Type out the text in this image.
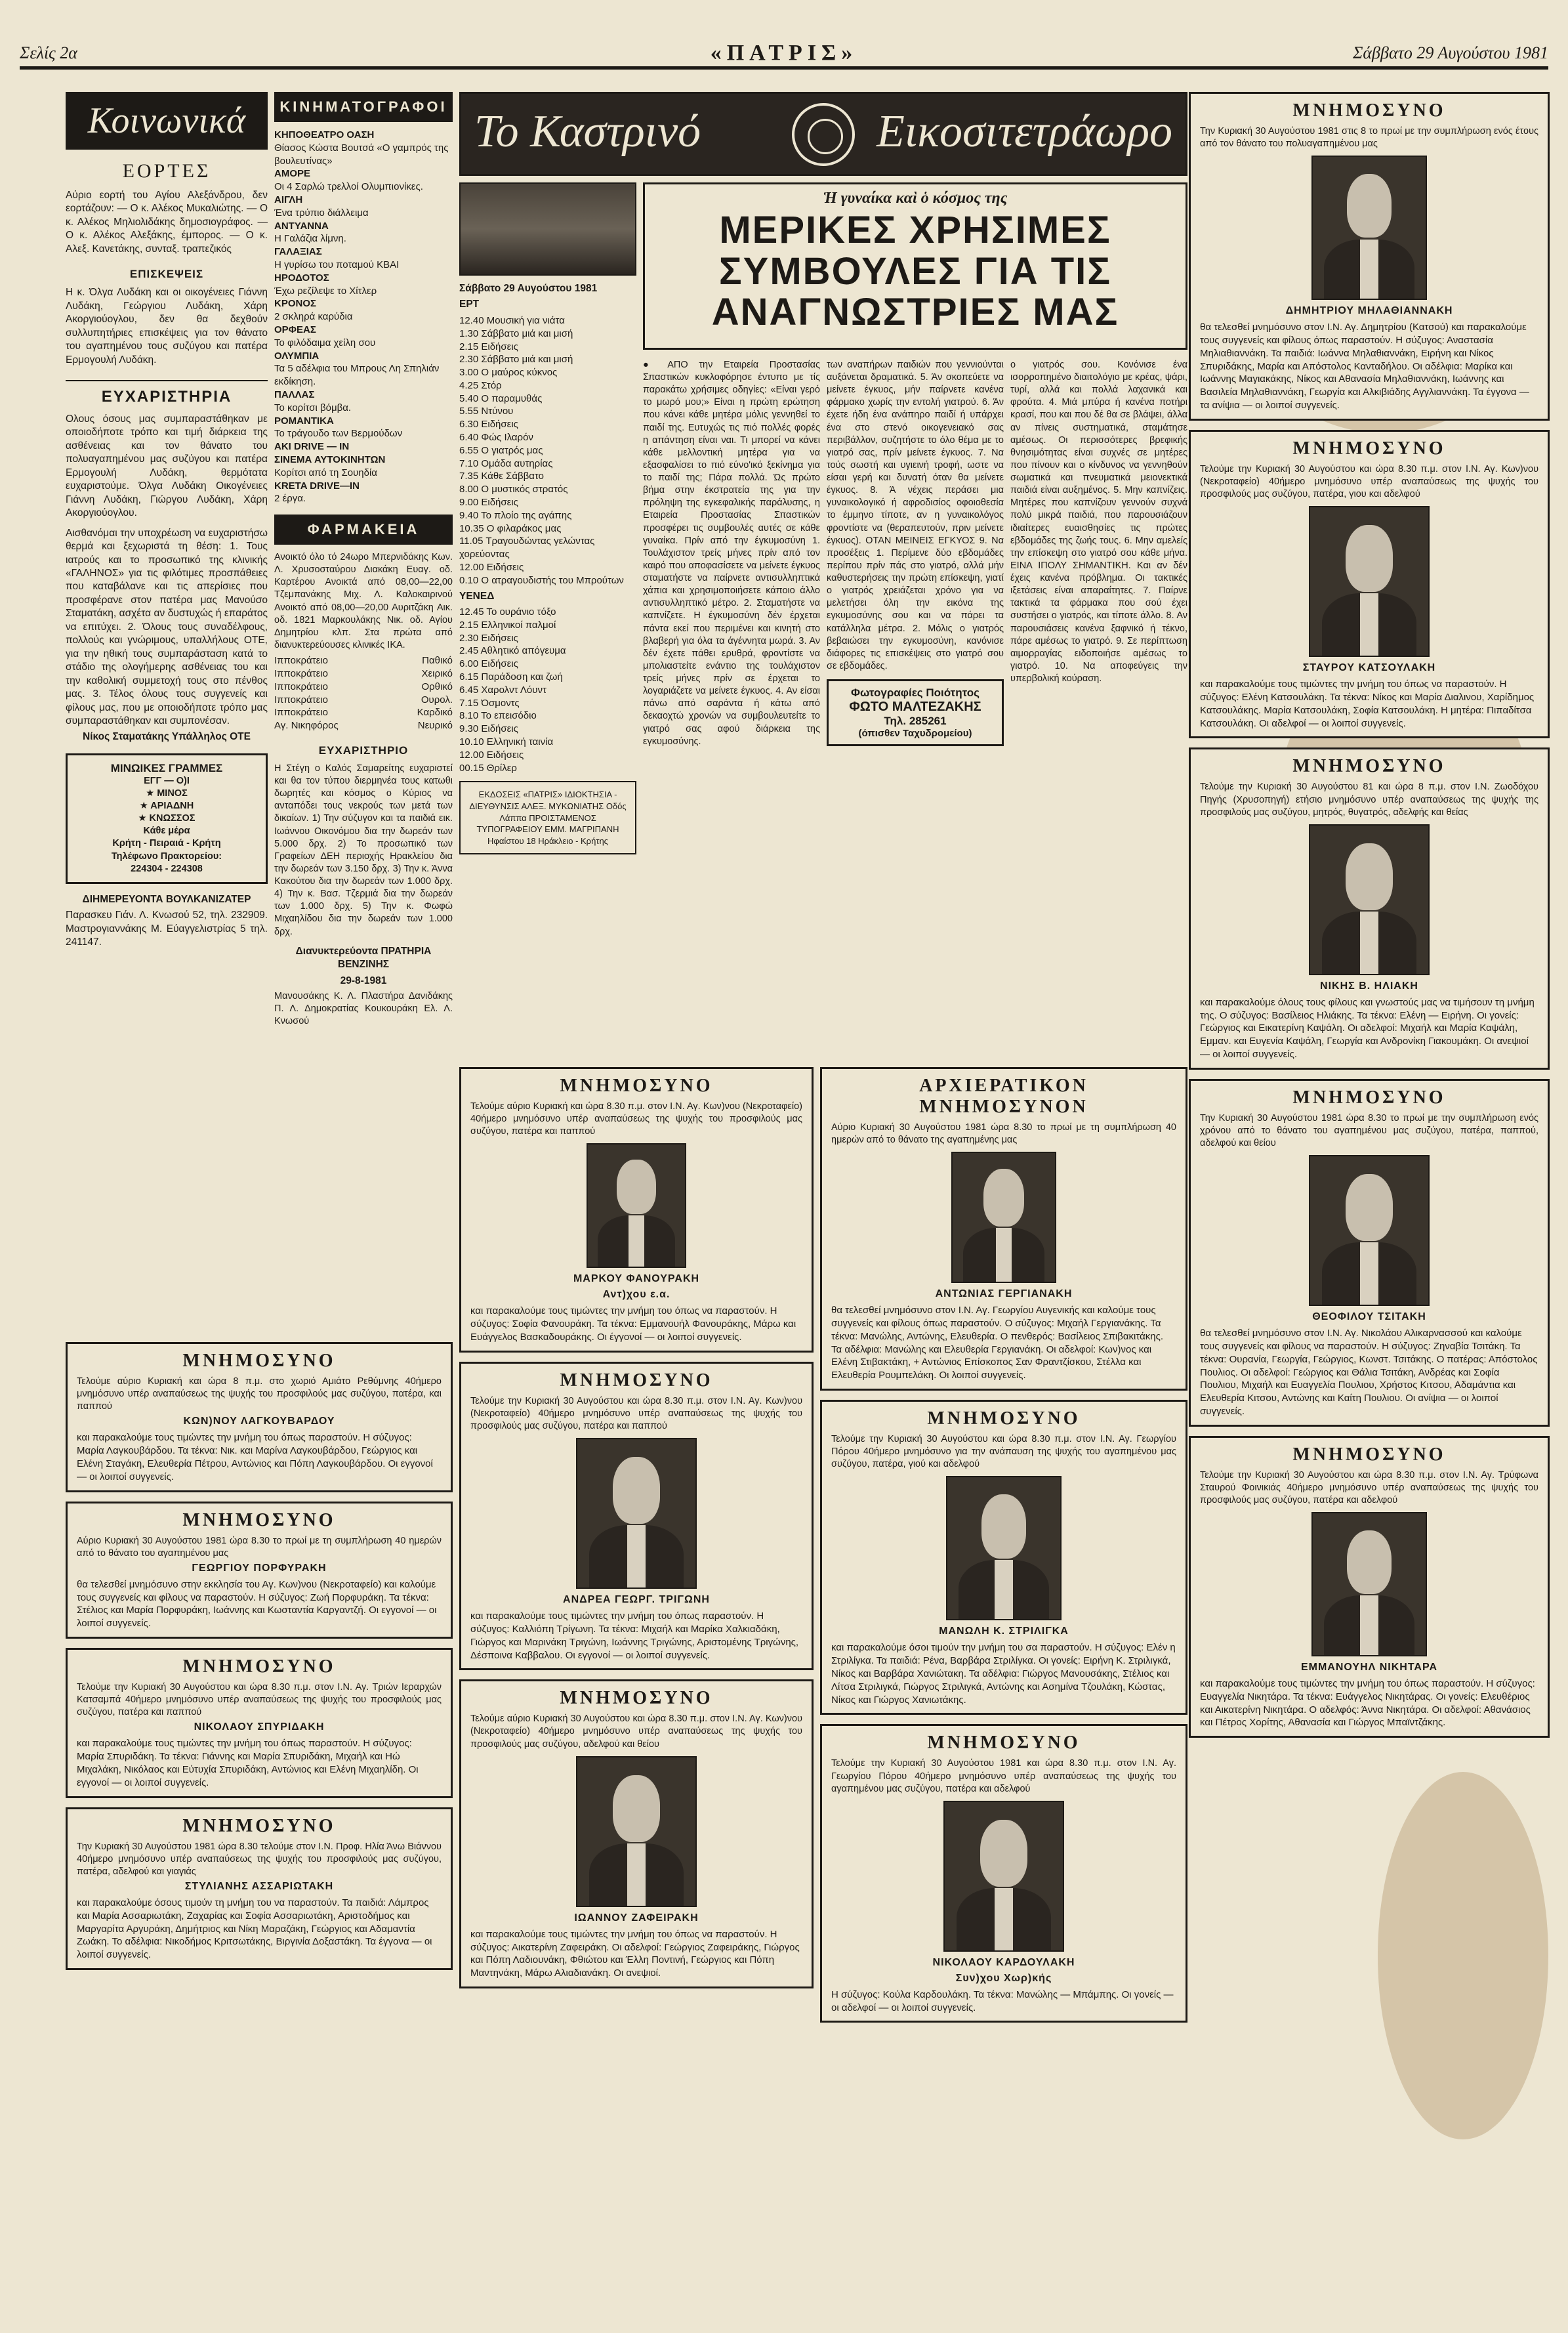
Σελίς 2α	«ΠΑΤΡΙΣ»	Σάββατο 29 Αυγούστου 1981
Κοινωνικά
ΕΟΡΤΕΣ
Αύριο εορτή του Αγίου Αλεξάνδρου, δεν εορτάζουν: — Ο κ. Αλέκος Μυκαλιώτης. — Ο κ. Αλέκος Μηλιολιδάκης δημοσιογράφος. — Ο κ. Αλέκος Αλεξάκης, έμπορος. — Ο κ. Αλεξ. Κανετάκης, συνταξ. τραπεζικός
ΕΠΙΣΚΕΨΕΙΣ
Η κ. Όλγα Λυδάκη και οι οικογένειες Γιάννη Λυδάκη, Γεώργιου Λυδάκη, Χάρη Ακοργιούογλου, δεν θα δεχθούν συλλυπητήριες επισκέψεις για τον θάνατο του αγαπημένου τους συζύγου και πατέρα Ερμογουλή Λυδάκη.
ΕΥΧΑΡΙΣΤΗΡΙΑ
Ολους όσους μας συμπαραστάθηκαν με οποιοδήποτε τρόπο και τιμή διάρκεια της ασθένειας και τον θάνατο του πολυαγαπημένου μας συζύγου και πατέρα Ερμογουλή Λυδάκη, θερμότατα ευχαριστούμε. Όλγα Λυδάκη Οικογένειες Γιάννη Λυδάκη, Γιώργου Λυδάκη, Χάρη Ακοργιούογλου.
Αισθανόμαι την υποχρέωση να ευχαριστήσω θερμά και ξεχωριστά τη θέση: 1. Τους ιατρούς και το προσωπικό της κλινικής «ΓΑΛΗΝΟΣ» για τις φιλότιμες προσπάθειες που καταβάλανε και τις απερίσιες που προσφέρανε στον πατέρα μας Μανούσο Σταματάκη, ασχέτα αν δυστυχώς ή επαράτος να επιτύχει. 2. Όλους τους συναδέλφους, πολλούς και γνώριμους, υπαλλήλους ΟΤΕ, για την ηθική τους συμπαράσταση κατά το στάδιο της ολογήμερης ασθένειας του και την καθολική συμμετοχή τους στο πένθος μας. 3. Τέλος όλους τους συγγενείς και φίλους μας, που με οποιοδήποτε τρόπο μας συμπαραστάθηκαν και συμπονέσαν.
Νίκος Σταματάκης Υπάλληλος ΟΤΕ
ΜΙΝΩΙΚΕΣ ΓΡΑΜΜΕΣ
ΕΓΓ — Ο)Ι
★ ΜΙΝΟΣ
★ ΑΡΙΑΔΝΗ
★ ΚΝΩΣΣΟΣ
Κάθε μέρα
Κρήτη - Πειραιά - Κρήτη
Τηλέφωνο Πρακτορείου:
224304 - 224308
ΔΙΗΜΕΡΕΥΟΝΤΑ ΒΟΥΛΚΑΝΙΖΑΤΕΡ
Παρασκευ Γιάν. Λ. Κνωσού 52, τηλ. 232909. Μαστρογιαννάκης Μ. Εύαγγελιστρίας 5 τηλ. 241147.
ΚΙΝΗΜΑΤΟΓΡΑΦΟΙ
ΚΗΠΟΘΕΑΤΡΟ ΟΑΣΗ
Θίασος Κώστα Βουτσά «Ο γαμπρός της βουλευτίνας»
ΑΜΟΡΕ
Οι 4 Σαρλώ τρελλοί Ολυμπιονίκες.
ΑΙΓΛΗ
Ένα τρύπιο διάλλειμα
ΑΝΤΥΑΝΝΑ
Η Γαλάζια λίμνη.
ΓΑΛΑΞΙΑΣ
Η γυρίσω του ποταμού ΚΒΑΙ
ΗΡΟΔΟΤΟΣ
Έχω ρεζίλεψε το Χίτλερ
ΚΡΟΝΟΣ
2 σκληρά καρύδια
ΟΡΦΕΑΣ
Το φιλόδαιμα χείλη σου
ΟΛΥΜΠΙΑ
Τα 5 αδέλφια του Μπρους Λη Σπηλιάν εκδίκηση.
ΠΑΛΛΑΣ
Το κορίτσι βόμβα.
ΡΟΜΑΝΤΙΚΑ
Το τράγουδο των Βερμούδων
ΑΚΙ DRIVE — IN
ΣΙΝΕΜΑ ΑΥΤΟΚΙΝΗΤΩΝ
Κορίτσι από τη Σουηδία
KRETA DRIVE—IN
2 έργα.
ΦΑΡΜΑΚΕΙΑ
Ανοικτό όλο τό 24ωρο Μπερνιδάκης Κων. Λ. Χρυσοσταύρου Διακάκη Ευαγ. οδ. Καρτέρου Ανοικτά από 08,00—22,00 Τζεμπανάκης Μιχ. Λ. Καλοκαιρινού Ανοικτό από 08,00—20,00 Αυριτζάκη Αικ. οδ. 1821 Μαρκουλάκης Νικ. οδ. Αγίου Δημητρίου κλπ. Στα πρώτα από διανυκτερεύουσες κλινικές ΙΚΑ.
Ιπποκράτειο	Παθικό
Ιπποκράτειο	Χειρικό
Ιπποκράτειο	Ορθικό
Ιπποκράτειο	Ουρολ.
Ιπποκράτειο	Καρδικό
Αγ. Νικηφόρος	Νευρικό
ΕΥΧΑΡΙΣΤΗΡΙΟ
Η Στέγη ο Καλός Σαμαρείτης ευχαριστεί και θα τον τύπου διερμηνέα τους κατωθι δωρητές και κόσμος ο Κύριος να ανταπόδει τους νεκρούς των μετά των δικαίων. 1) Την σύζυγον και τα παιδιά εικ. Ιωάννου Οικονόμου δια την δωρεάν των 5.000 δρχ. 2) Το προσωπικό των Γραφείων ΔΕΗ περιοχής Ηρακλείου δια την δωρεάν των 3.150 δρχ. 3) Την κ. Άννα Κακούτου δια την δωρεάν των 1.000 δρχ. 4) Την κ. Βασ. Τζερμιά δια την δωρεάν των 1.000 δρχ. 5) Την κ. Φωφώ Μιχαηλίδου δια την δωρεάν των 1.000 δρχ.
Διανυκτερεύοντα ΠΡΑΤΗΡΙΑ ΒΕΝΖΙΝΗΣ
29-8-1981
Μανουσάκης Κ. Λ. Πλαστήρα Δανιδάκης Π. Λ. Δημοκρατίας Κουκουράκη Ελ. Λ. Κνωσού
Το Καστρινό	Εικοσιτετράωρο
Σάββατο 29 Αυγούστου 1981
ΕΡΤ
12.40 Μουσική για νιάτα
1.30 Σάββατο μιά και μισή
2.15 Ειδήσεις
2.30 Σάββατο μιά και μισή
3.00 Ο μαύρος κύκνος
4.25 Στόρ
5.40 Ο παραμυθάς
5.55 Ντύνου
6.30 Ειδήσεις
6.40 Φώς Ιλαρόν
6.55 Ο γιατρός μας
7.10 Ομάδα αυτηρίας
7.35 Κάθε Σάββατο
8.00 Ο μυστικός στρατός
9.00 Ειδήσεις
9.40 Το πλοίο της αγάπης
10.35 Ο φιλαράκος μας
11.05 Τραγουδώντας γελώντας χορεύοντας
12.00 Ειδήσεις
0.10 Ο ατραγουδιστής του Μπρούτων
ΥΕΝΕΔ
12.45 Το ουράνιο τόξο
2.15 Ελληνικοί παλμοί
2.30 Ειδήσεις
2.45 Αθλητικό απόγευμα
6.00 Ειδήσεις
6.15 Παράδοση και ζωή
6.45 Χαρολντ Λόυντ
7.15 Όσμοντς
8.10 Το επεισόδιο
9.30 Ειδήσεις
10.10 Ελληνική ταινία
12.00 Ειδήσεις
00.15 Θρίλερ
ΕΚΔΟΣΕΙΣ «ΠΑΤΡΙΣ» ΙΔΙΟΚΤΗΣΙΑ - ΔΙΕΥΘΥΝΣΙΣ ΑΛΕΞ. ΜΥΚΩΝΙΑΤΗΣ Οδός Λάππα ΠΡΟΙΣΤΑΜΕΝΟΣ ΤΥΠΟΓΡΑΦΕΙΟΥ ΕΜΜ. ΜΑΓΡΙΠΑΝΗ Ηφαίστου 18 Ηράκλειο - Κρήτης
Ἡ γυναίκα καὶ ὁ κόσμος της
ΜΕΡΙΚΕΣ ΧΡΗΣΙΜΕΣ ΣΥΜΒΟΥΛΕΣ ΓΙΑ ΤΙΣ ΑΝΑΓΝΩΣΤΡΙΕΣ ΜΑΣ
● ΑΠΟ την Εταιρεία Προστασίας Σπαστικών κυκλοφόρησε έντυπο με τίς παρακάτω χρήσιμες οδηγίες: «Είναι γερό το μωρό μου;» Είναι η πρώτη ερώτηση που κάνει κάθε μητέρα μόλις γεννηθεί το παιδί της. Ευτυχώς τις πιό πολλές φορές η απάντηση είναι ναι. Τι μπορεί να κάνει κάθε μελλοντική μητέρα για να εξασφαλίσει το πιό εύνο'ικό ξεκίνημα για το παιδί της; Πάρα πολλά. Ώς πρώτο βήμα στην έκστρατεία της για την πρόληψη της εγκεφαλικής παράλυσης, η Εταιρεία Προστασίας Σπαστικών προσφέρει τις συμβουλές αυτές σε κάθε γυναίκα. Πρίν από την έγκυμοσύνη 1. Τουλάχιστον τρείς μήνες πρίν από τον καιρό που αποφασίσετε να μείνετε έγκυος σταματήστε να παίρνετε αντισυλληπτικά χάπια και χρησιμοποιήσετε κάποιο άλλο αντισυλληπτικό μέτρο. 2. Σταματήστε να καπνίζετε. Η έγκυμοσύνη δέν έρχεται πάντα εκεί που περιμένει και κινητή στο βλαβερή για όλα τα άγέννητα μωρά. 3. Αν δέν έχετε πάθει ερυθρά, φροντίστε να μπολιαστείτε ενάντιο της τουλάχιστον τρείς μήνες πρίν σε έρχεται το λογαριάζετε να μείνετε έγκυος. 4. Αν είσαι πάνω από σαράντα ή κάτω από δεκαοχτώ χρονών να συμβουλευτείτε το γιατρό σας αφού διάρκεια της εγκυμοσύνης.
των αναπήρων παιδιών που γεννιούνται αυξάνεται δραματικά. 5. Άν σκοπεύετε να μείνετε έγκυος, μήν παίρνετε κανένα φάρμακο χωρίς την εντολή γιατρού. 6. Άν έχετε ήδη ένα ανάπηρο παιδί ή υπάρχει ένα στο στενό οικογενειακό σας περιβάλλον, συζητήστε το όλο θέμα με το γιατρό σας, πρίν μείνετε έγκυος. 7. Να τούς σωστή και υγιεινή τροφή, ωστε να είσαι γερή και δυνατή όταν θα μείνετε έγκυος. 8. Ά νέχεις περάσει μια γυναικολογικό ή αφροδισίος οφοιοθεσία το έμμηνο τίποτε, αν η γυναικολόγος φροντίστε να (θεραπευτούν, πριν μείνετε έγκυος). ΟΤΑΝ ΜΕΙΝΕΙΣ ΕΓΚΥΟΣ 9. Να προσέξεις 1. Περίμενε δύο εβδομάδες περίπου πρίν πάς στο γιατρό, αλλά μήν καθυστερήσεις την πρώτη επίσκεψη, γιατί ο γιατρός χρειάζεται χρόνο για να μελετήσει όλη την εικόνα της εγκυμοσύνης σου και να πάρει τα κατάλληλα μέτρα. 2. Μόλις ο γιατρός βεβαιώσει την εγκυμοσύνη, κανόνισε διάφορες τις επισκέψεις στο γιατρό σου σε εβδομάδες.
Φωτογραφίες Ποιότητος
ΦΩΤΟ ΜΑΛΤΕΖΑΚΗΣ
Τηλ. 285261
(όπισθεν Ταχυδρομείου)
ο γιατρός σου. Κονόνισε ένα ισορροπημένο διαιτολόγιο με κρέας, ψάρι, τυρί, αλλά και πολλά λαχανικά και φρούτα. 4. Μιά μπύρα ή κανένα ποτήρι κρασί, που και που δέ θα σε βλάψει, άλλα αν πίνεις συστηματικά, σταμάτησε αμέσως. Οι περισσότερες βρεφικής θνησιμότητας είναι συχνές σε μητέρες που πίνουν και ο κίνδυνος να γεννηθούν σωματικά και πνευματικά μειονεκτικά παιδιά είναι αυξημένος. 5. Μην καπνίζεις. Μητέρες που καπνίζουν γεννούν συχνά πολύ μικρά παιδιά, που παρουσιάζουν ιδιαίτερες ευαισθησίες τις πρώτες εβδομάδες της ζωής τους. 6. Μην αμελείς την επίσκεψη στο γιατρό σου κάθε μήνα. ΕΙΝΑ ΙΠΟΛΥ ΣΗΜΑΝΤΙΚΗ. Και αν δέν έχεις κανένα πρόβλημα. Οι τακτικές ιξετάσεις είναι απαραίτητες. 7. Παίρνε τακτικά τα φάρμακα που σού έχει συστήσει ο γιατρός, και τίποτε άλλο. 8. Αν παρουσιάσεις κανένα ξαφνικό ή τέκνο, πάρε αμέσως το γιατρό. 9. Σε περίπτωση αιμορραγίας ειδοποιήσε αμέσως το γιατρό. 10. Να αποφεύγεις την υπερβολική κούραση.
ΜΝΗΜΟΣΥΝΟ
Τελούμε αύριο Κυριακή και ώρα 8.30 π.μ. στον Ι.Ν. Αγ. Κων)νου (Νεκροταφείο) 40ήμερο μνημόσυνο υπέρ αναπαύσεως της ψυχής του προσφιλούς μας συζύγου, πατέρα και παππού
ΜΑΡΚΟΥ ΦΑΝΟΥΡΑΚΗ
Αντ)χου ε.α.
και παρακαλούμε τους τιμώντες την μνήμη του όπως να παραστούν. Η σύζυγος: Σοφία Φανουράκη. Τα τέκνα: Εμμανουήλ Φανουράκης, Μάρω και Ευάγγελος Βασκαδουράκης. Οι έγγονοί — οι λοιποί συγγενείς.
ΜΝΗΜΟΣΥΝΟ
Τελούμε την Κυριακή 30 Αυγούστου και ώρα 8.30 π.μ. στον Ι.Ν. Αγ. Κων)νου (Νεκροταφείο) 40ήμερο μνημόσυνο υπέρ αναπαύσεως της ψυχής του προσφιλούς μας συζύγου, πατέρα και παππού
ΑΝΔΡΕΑ ΓΕΩΡΓ. ΤΡΙΓΩΝΗ
και παρακαλούμε τους τιμώντες την μνήμη του όπως παραστούν. Η σύζυγος: Καλλιόπη Τρίγωνη. Τα τέκνα: Μιχαήλ και Μαρίκα Χαλκιαδάκη, Γιώργος και Μαρινάκη Τριγώνη, Ιωάννης Τριγώνης, Αριστομένης Τριγώνης, Δέσποινα Καββαλου. Οι εγγονοί — οι λοιποί συγγενείς.
ΜΝΗΜΟΣΥΝΟ
Τελούμε αύριο Κυριακή 30 Αυγούστου και ώρα 8.30 π.μ. στον Ι.Ν. Αγ. Κων)νου (Νεκροταφείο) 40ήμερο μνημόσυνο υπέρ αναπαύσεως της ψυχής του προσφιλούς μας συζύγου, αδελφού και θείου
ΙΩΑΝΝΟΥ ΖΑΦΕΙΡΑΚΗ
και παρακαλούμε τους τιμώντες την μνήμη του όπως να παραστούν. Η σύζυγος: Αικατερίνη Ζαφειράκη. Οι αδελφοί: Γεώργιος Ζαφειράκης, Γιώργος και Πόπη Λαδιουνάκη, Φθιώτου και Έλλη Ποντινή, Γεώργιος και Πόπη Μαντηνάκη, Μάρω Αλιαδιανάκη. Οι ανεψιοί.
ΑΡΧΙΕΡΑΤΙΚΟΝ ΜΝΗΜΟΣΥΝΟΝ
Αύριο Κυριακή 30 Αυγούστου 1981 ώρα 8.30 το πρωί με τη συμπλήρωση 40 ημερών από το θάνατο της αγαπημένης μας
ΑΝΤΩΝΙΑΣ ΓΕΡΓΙΑΝΑΚΗ
θα τελεσθεί μνημόσυνο στον Ι.Ν. Αγ. Γεωργίου Αυγενικής και καλούμε τους συγγενείς και φίλους όπως παραστούν. Ο σύζυγος: Μιχαήλ Γεργιανάκης. Τα τέκνα: Μανώλης, Αντώνης, Ελευθερία. Ο πενθερός: Βασίλειος Σπιβακιτάκης. Τα αδέλφια: Μανώλης και Ελευθερία Γεργιανάκη. Οι αδελφοί: Κων)νος και Ελένη Στιβακτάκη, + Αντώνιος Επίσκοπος Σαν Φραντζίσκου, Στέλλα και Ελευθερία Ρουμπελάκη. Οι λοιποί συγγενείς.
ΜΝΗΜΟΣΥΝΟ
Τελούμε την Κυριακή 30 Αυγούστου και ώρα 8.30 π.μ. στον Ι.Ν. Αγ. Γεωργίου Πόρου 40ήμερο μνημόσυνο για την ανάπαυση της ψυχής του αγαπημένου μας συζύγου, πατέρα, γιού και αδελφού
ΜΑΝΩΛΗ Κ. ΣΤΡΙΛΙΓΚΑ
και παρακαλούμε όσοι τιμούν την μνήμη του σα παραστούν. Η σύζυγος: Ελέν η Στριλίγκα. Τα παιδιά: Ρένα, Βαρβάρα Στριλίγκα. Οι γονείς: Ειρήνη Κ. Στριλιγκά, Νίκος και Βαρβάρα Χανιώτακη. Τα αδέλφια: Γιώργος Μανουσάκης, Στέλιος και Λίτσα Στριλιγκά, Γιώργος Στριλιγκά, Αντώνης και Ασημίνα Τζουλάκη, Κώστας, Νίκος και Γιώργος Χανιωτάκης.
ΜΝΗΜΟΣΥΝΟ
Τελούμε την Κυριακή 30 Αυγούστου 1981 και ώρα 8.30 π.μ. στον Ι.Ν. Αγ. Γεωργίου Πόρου 40ήμερο μνημόσυνο υπέρ αναπαύσεως της ψυχής του αγαπημένου μας συζύγου, πατέρα και αδελφού
ΝΙΚΟΛΑΟΥ ΚΑΡΔΟΥΛΑΚΗ
Συν)χου Χωρ)κής
Η σύζυγος: Κούλα Καρδουλάκη. Τα τέκνα: Μανώλης — Μπάμπης. Οι γονείς — οι αδελφοί — οι λοιποί συγγενείς.
ΜΝΗΜΟΣΥΝΟ
Την Κυριακή 30 Αυγούστου 1981 στις 8 το πρωί με την συμπλήρωση ενός έτους από τον θάνατο του πολυαγαπημένου μας
ΔΗΜΗΤΡΙΟΥ ΜΗΛΑΘΙΑΝΝΑΚΗ
θα τελεσθεί μνημόσυνο στον Ι.Ν. Αγ. Δημητρίου (Κατσού) και παρακαλούμε τους συγγενείς και φίλους όπως παραστούν. Η σύζυγος: Αναστασία Μηλιαθιαννάκη. Τα παιδιά: Ιωάννα Μηλαθιαννάκη, Ειρήνη και Νίκος Σπυριδάκης, Μαρία και Απόστολος Κανταδήλου. Οι αδέλφια: Μαρίκα και Ιωάννης Μαγιακάκης, Νίκος και Αθανασία Μηλαθιαννάκη, Ιωάννης και Βασιλεία Μηλαθιαννάκη, Γεωργία και Αλκιβιάδης Αγγλιαννάκη. Τα έγγονα — τα ανίψια — οι λοιποί συγγενείς.
ΜΝΗΜΟΣΥΝΟ
Τελούμε την Κυριακή 30 Αυγούστου και ώρα 8.30 π.μ. στον Ι.Ν. Αγ. Κων)νου (Νεκροταφείο) 40ήμερο μνημόσυνο υπέρ αναπαύσεως της ψυχής του προσφιλούς μας συζύγου, πατέρα, γιου και αδελφού
ΣΤΑΥΡΟΥ ΚΑΤΣΟΥΛΑΚΗ
και παρακαλούμε τους τιμώντες την μνήμη του όπως να παραστούν. Η σύζυγος: Ελένη Κατσουλάκη. Τα τέκνα: Νίκος και Μαρία Διαλινου, Χαρίδημος Κατσουλάκης. Μαρία Κατσουλάκη, Σοφία Κατσουλάκη. Η μητέρα: Πιπαδίτσα Κατσουλάκη. Οι αδελφοί — οι λοιποί συγγενείς.
ΜΝΗΜΟΣΥΝΟ
Τελούμε την Κυριακή 30 Αυγούστου 81 και ώρα 8 π.μ. στον Ι.Ν. Ζωοδόχου Πηγής (Χρυσοπηγή) ετήσιο μνημόσυνο υπέρ αναπαύσεως της ψυχής της προσφιλούς μας συζύγου, μητρός, θυγατρός, αδελφής και θείας
ΝΙΚΗΣ Β. ΗΛΙΑΚΗ
και παρακαλούμε όλους τους φίλους και γνωστούς μας να τιμήσουν τη μνήμη της. Ο σύζυγος: Βασίλειος Ηλιάκης. Τα τέκνα: Ελένη — Ειρήνη. Οι γονείς: Γεώργιος και Εικατερίνη Καψάλη. Οι αδελφοί: Μιχαήλ και Μαρία Καψάλη, Εμμαν. και Ευγενία Καψάλη, Γεωργία και Ανδρονίκη Γιακουμάκη. Οι ανεψιοί — οι λοιποί συγγενείς.
ΜΝΗΜΟΣΥΝΟ
Την Κυριακή 30 Αυγούστου 1981 ώρα 8.30 το πρωί με την συμπλήρωση ενός χρόνου από το θάνατο του αγαπημένου μας συζύγου, πατέρα, παππού, αδελφού και θείου
ΘΕΟΦΙΛΟΥ ΤΣΙΤΑΚΗ
θα τελεσθεί μνημόσυνο στον Ι.Ν. Αγ. Νικολάου Αλικαρνασσού και καλούμε τους συγγενείς και φίλους να παραστούν. Η σύζυγος: Ζηναβία Τσιτάκη. Τα τέκνα: Ουρανία, Γεωργία, Γεώργιος, Κωνστ. Τσιτάκης. Ο πατέρας: Απόστολος Πουλιος. Οι αδελφοί: Γεώργιος και Θάλια Τσιτάκη, Ανδρέας και Σοφία Πουλιου, Μιχαήλ και Ευαγγελία Πουλιου, Χρήστος Κιτσου, Αδαμάντια και Ελευθερία Κιτσου, Αντώνης και Καίτη Πουλιου. Οι ανίψια — οι λοιποί συγγενείς.
ΜΝΗΜΟΣΥΝΟ
Τελούμε την Κυριακή 30 Αυγούστου και ώρα 8.30 π.μ. στον Ι.Ν. Αγ. Τρύφωνα Σταυρού Φοινικιάς 40ήμερο μνημόσυνο υπέρ αναπαύσεως της ψυχής του προσφιλούς μας συζύγου, πατέρα και αδελφού
ΕΜΜΑΝΟΥΗΛ ΝΙΚΗΤΑΡΑ
και παρακαλούμε τους τιμώντες την μνήμη του όπως παραστούν. Η σύζυγος: Ευαγγελία Νικητάρα. Τα τέκνα: Ευάγγελος Νικητάρας. Οι γονείς: Ελευθέριος και Αικατερίνη Νικητάρα. Ο αδελφός: Άννα Νικητάρα. Οι αδελφοί: Αθανάσιος και Πέτρος Χορίτης, Αθανασία και Γιώργος Μπαϊντζάκης.
ΜΝΗΜΟΣΥΝΟ
Τελούμε αύριο Κυριακή και ώρα 8 π.μ. στο χωριό Αμιάτο Ρεθύμνης 40ήμερο μνημόσυνο υπέρ αναπαύσεως της ψυχής του προσφιλούς μας συζύγου, πατέρα, και παππού
ΚΩΝ)ΝΟΥ ΛΑΓΚΟΥΒΑΡΔΟΥ
και παρακαλούμε τους τιμώντες την μνήμη του όπως παραστούν. Η σύζυγος: Μαρία Λαγκουβάρδου. Τα τέκνα: Νικ. και Μαρίνα Λαγκουβάρδου, Γεώργιος και Ελένη Σταγάκη, Ελευθερία Πέτρου, Αντώνιος και Πόπη Λαγκουβάρδου. Οι εγγονοί — οι λοιποί συγγενείς.
ΜΝΗΜΟΣΥΝΟ
Αύριο Κυριακή 30 Αυγούστου 1981 ώρα 8.30 το πρωί με τη συμπλήρωση 40 ημερών από το θάνατο του αγαπημένου μας
ΓΕΩΡΓΙΟΥ ΠΟΡΦΥΡΑΚΗ
θα τελεσθεί μνημόσυνο στην εκκλησία του Αγ. Κων)νου (Νεκροταφείο) και καλούμε τους συγγενείς και φίλους να παραστούν. Η σύζυγος: Ζωή Πορφυράκη. Τα τέκνα: Στέλιος και Μαρία Πορφυράκη, Ιωάννης και Κωσταντία Καργαντζή. Οι εγγονοί — οι λοιποί συγγενείς.
ΜΝΗΜΟΣΥΝΟ
Τελούμε την Κυριακή 30 Αυγούστου και ώρα 8.30 π.μ. στον Ι.Ν. Αγ. Τριών Ιεραρχών Κατσαμπά 40ήμερο μνημόσυνο υπέρ αναπαύσεως της ψυχής του προσφιλούς μας συζύγου, πατέρα και παππού
ΝΙΚΟΛΑΟΥ ΣΠΥΡΙΔΑΚΗ
και παρακαλούμε τους τιμώντες την μνήμη του όπως παραστούν. Η σύζυγος: Μαρία Σπυριδάκη. Τα τέκνα: Γιάννης και Μαρία Σπυριδάκη, Μιχαήλ και Ηώ Μιχαλάκη, Νικόλαος και Εύτυχία Σπυριδάκη, Αντώνιος και Ελένη Μιχαηλίδη. Οι εγγονοί — οι λοιποί συγγενείς.
ΜΝΗΜΟΣΥΝΟ
Την Κυριακή 30 Αυγούστου 1981 ώρα 8.30 τελούμε στον Ι.Ν. Προφ. Ηλία Άνω Βιάννου 40ήμερο μνημόσυνο υπέρ αναπαύσεως της ψυχής του προσφιλούς μας συζύγου, πατέρα, αδελφού και γιαγιάς
ΣΤΥΛΙΑΝΗΣ ΑΣΣΑΡΙΩΤΑΚΗ
και παρακαλούμε όσους τιμούν τη μνήμη του να παραστούν. Τα παιδιά: Λάμπρος και Μαρία Ασσαριωτάκη, Ζαχαρίας και Σοφία Ασσαριωτάκη, Αριστοδήμος και Μαργαρίτα Αργυράκη, Δημήτριος και Νίκη Μαραζάκη, Γεώργιος και Αδαμαντία Ζωάκη. Το αδέλφια: Νικοδήμος Κριτσωτάκης, Βιργινία Δοξαστάκη. Τα έγγονα — οι λοιποί συγγενείς.
